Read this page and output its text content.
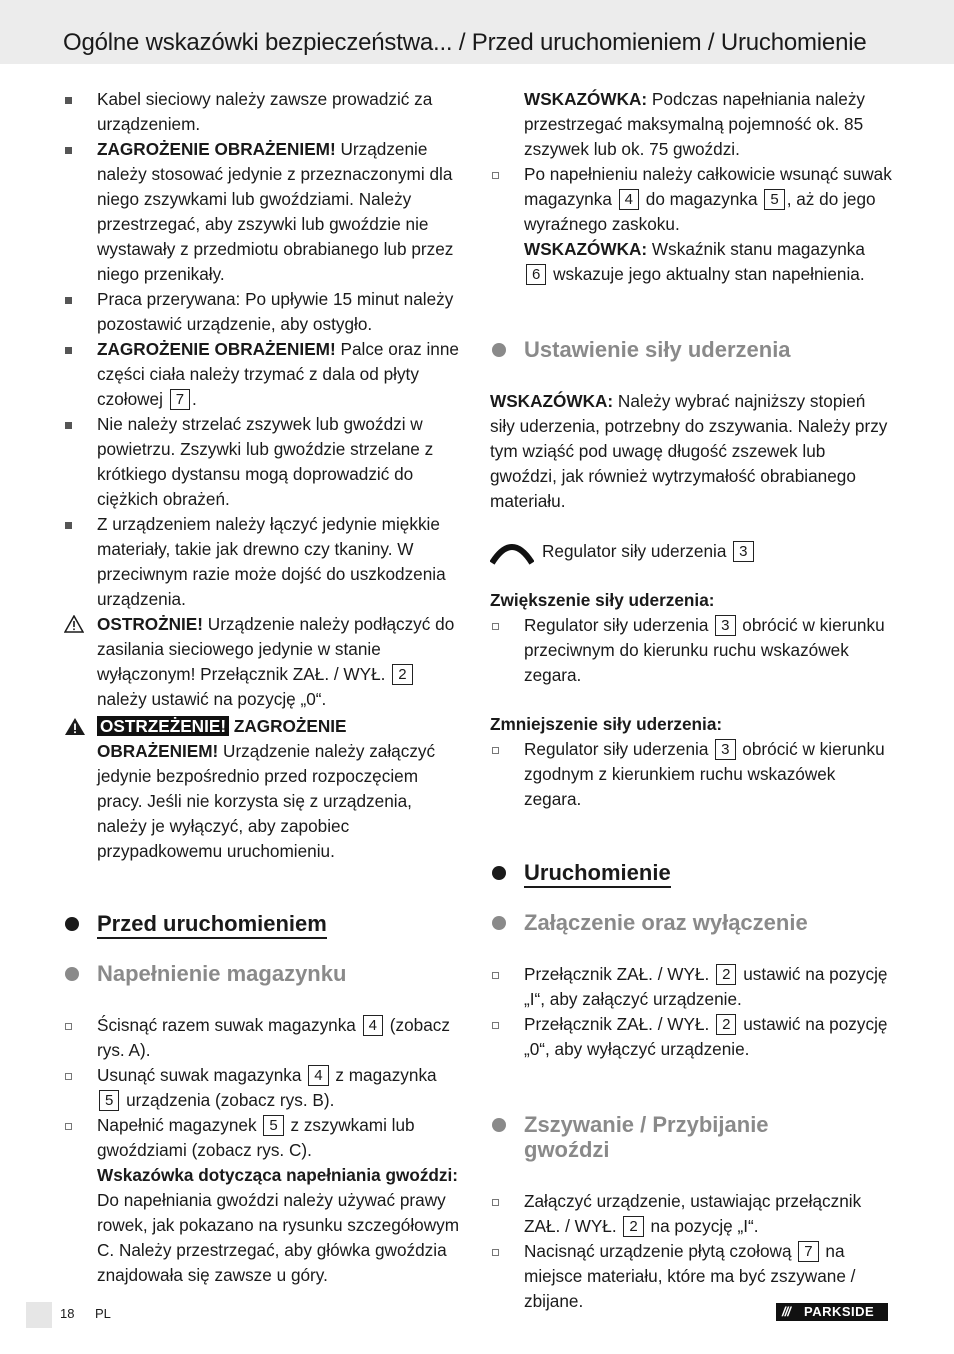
Ogólne wskazówki bezpieczeństwa... / Przed uruchomieniem / Uruchomienie

Kabel sieciowy należy zawsze prowadzić za urządzeniem.

ZAGROŻENIE OBRAŻENIEM! Urządzenie należy stosować jedynie z przeznaczonymi dla niego zszywkami lub gwoździami. Należy przestrzegać, aby zszywki lub gwoździe nie wystawały z przedmiotu obrabianego lub przez niego przenikały.

Praca przerywana: Po upływie 15 minut należy pozostawić urządzenie, aby ostygło.

ZAGROŻENIE OBRAŻENIEM! Palce oraz inne części ciała należy trzymać z dala od płyty czołowej 7 .

Nie należy strzelać zszywek lub gwoździ w powietrzu. Zszywki lub gwoździe strzelane z krótkiego dystansu mogą doprowadzić do ciężkich obrażeń.

Z urządzeniem należy łączyć jedynie miękkie materiały, takie jak drewno czy tkaniny. W przeciwnym razie może dojść do uszkodzenia urządzenia.

OSTROŻNIE! Urządzenie należy podłączyć do zasilania sieciowego jedynie w stanie wyłączonym! Przełącznik ZAŁ. / WYŁ. 2 należy ustawić na pozycję „0“.

OSTRZEŻENIE! ZAGROŻENIE OBRAŻENIEM! Urządzenie należy załączyć jedynie bezpośrednio przed rozpoczęciem pracy. Jeśli nie korzysta się z urządzenia, należy je wyłączyć, aby zapobiec przypadkowemu uruchomieniu.

Przed uruchomieniem
Napełnienie magazynku

Ścisnąć razem suwak magazynka 4 (zobacz rys. A).

Usunąć suwak magazynka 4 z magazynka 5 urządzenia (zobacz rys. B).

Napełnić magazynek 5 z zszywkami lub gwoździami (zobacz rys. C).

Wskazówka dotycząca napełniania gwoździ: Do napełniania gwoździ należy używać prawy rowek, jak pokazano na rysunku szczegółowym C. Należy przestrzegać, aby główka gwoździa znajdowała się zawsze u góry.

WSKAZÓWKA: Podczas napełniania należy przestrzegać maksymalną pojemność ok. 85 zszywek lub ok. 75 gwoździ.

Po napełnieniu należy całkowicie wsunąć suwak magazynka 4 do magazynka 5 , aż do jego wyraźnego zaskoku.

WSKAZÓWKA: Wskaźnik stanu magazynka 6 wskazuje jego aktualny stan napełnienia.

Ustawienie siły uderzenia

WSKAZÓWKA: Należy wybrać najniższy stopień siły uderzenia, potrzebny do zszywania. Należy przy tym wziąść pod uwagę długość zszewek lub gwoździ, jak również wytrzymałość obrabianego materiału.

Regulator siły uderzenia 3

Zwiększenie siły uderzenia:

Regulator siły uderzenia 3 obrócić w kierunku przeciwnym do kierunku ruchu wskazówek zegara.

Zmniejszenie siły uderzenia:

Regulator siły uderzenia 3 obrócić w kierunku zgodnym z kierunkiem ruchu wskazówek zegara.

Uruchomienie
Załączenie oraz wyłączenie

Przełącznik ZAŁ. / WYŁ. 2 ustawić na pozycję „I“, aby załączyć urządzenie.

Przełącznik ZAŁ. / WYŁ. 2 ustawić na pozycję „0“, aby wyłączyć urządzenie.

Zszywanie / Przybijanie gwoździ

Załączyć urządzenie, ustawiając przełącznik ZAŁ. / WYŁ. 2 na pozycję „I“.

Nacisnąć urządzenie płytą czołową 7 na miejsce materiału, które ma być zszywane / zbijane.

18 PL	/// PARKSIDE
